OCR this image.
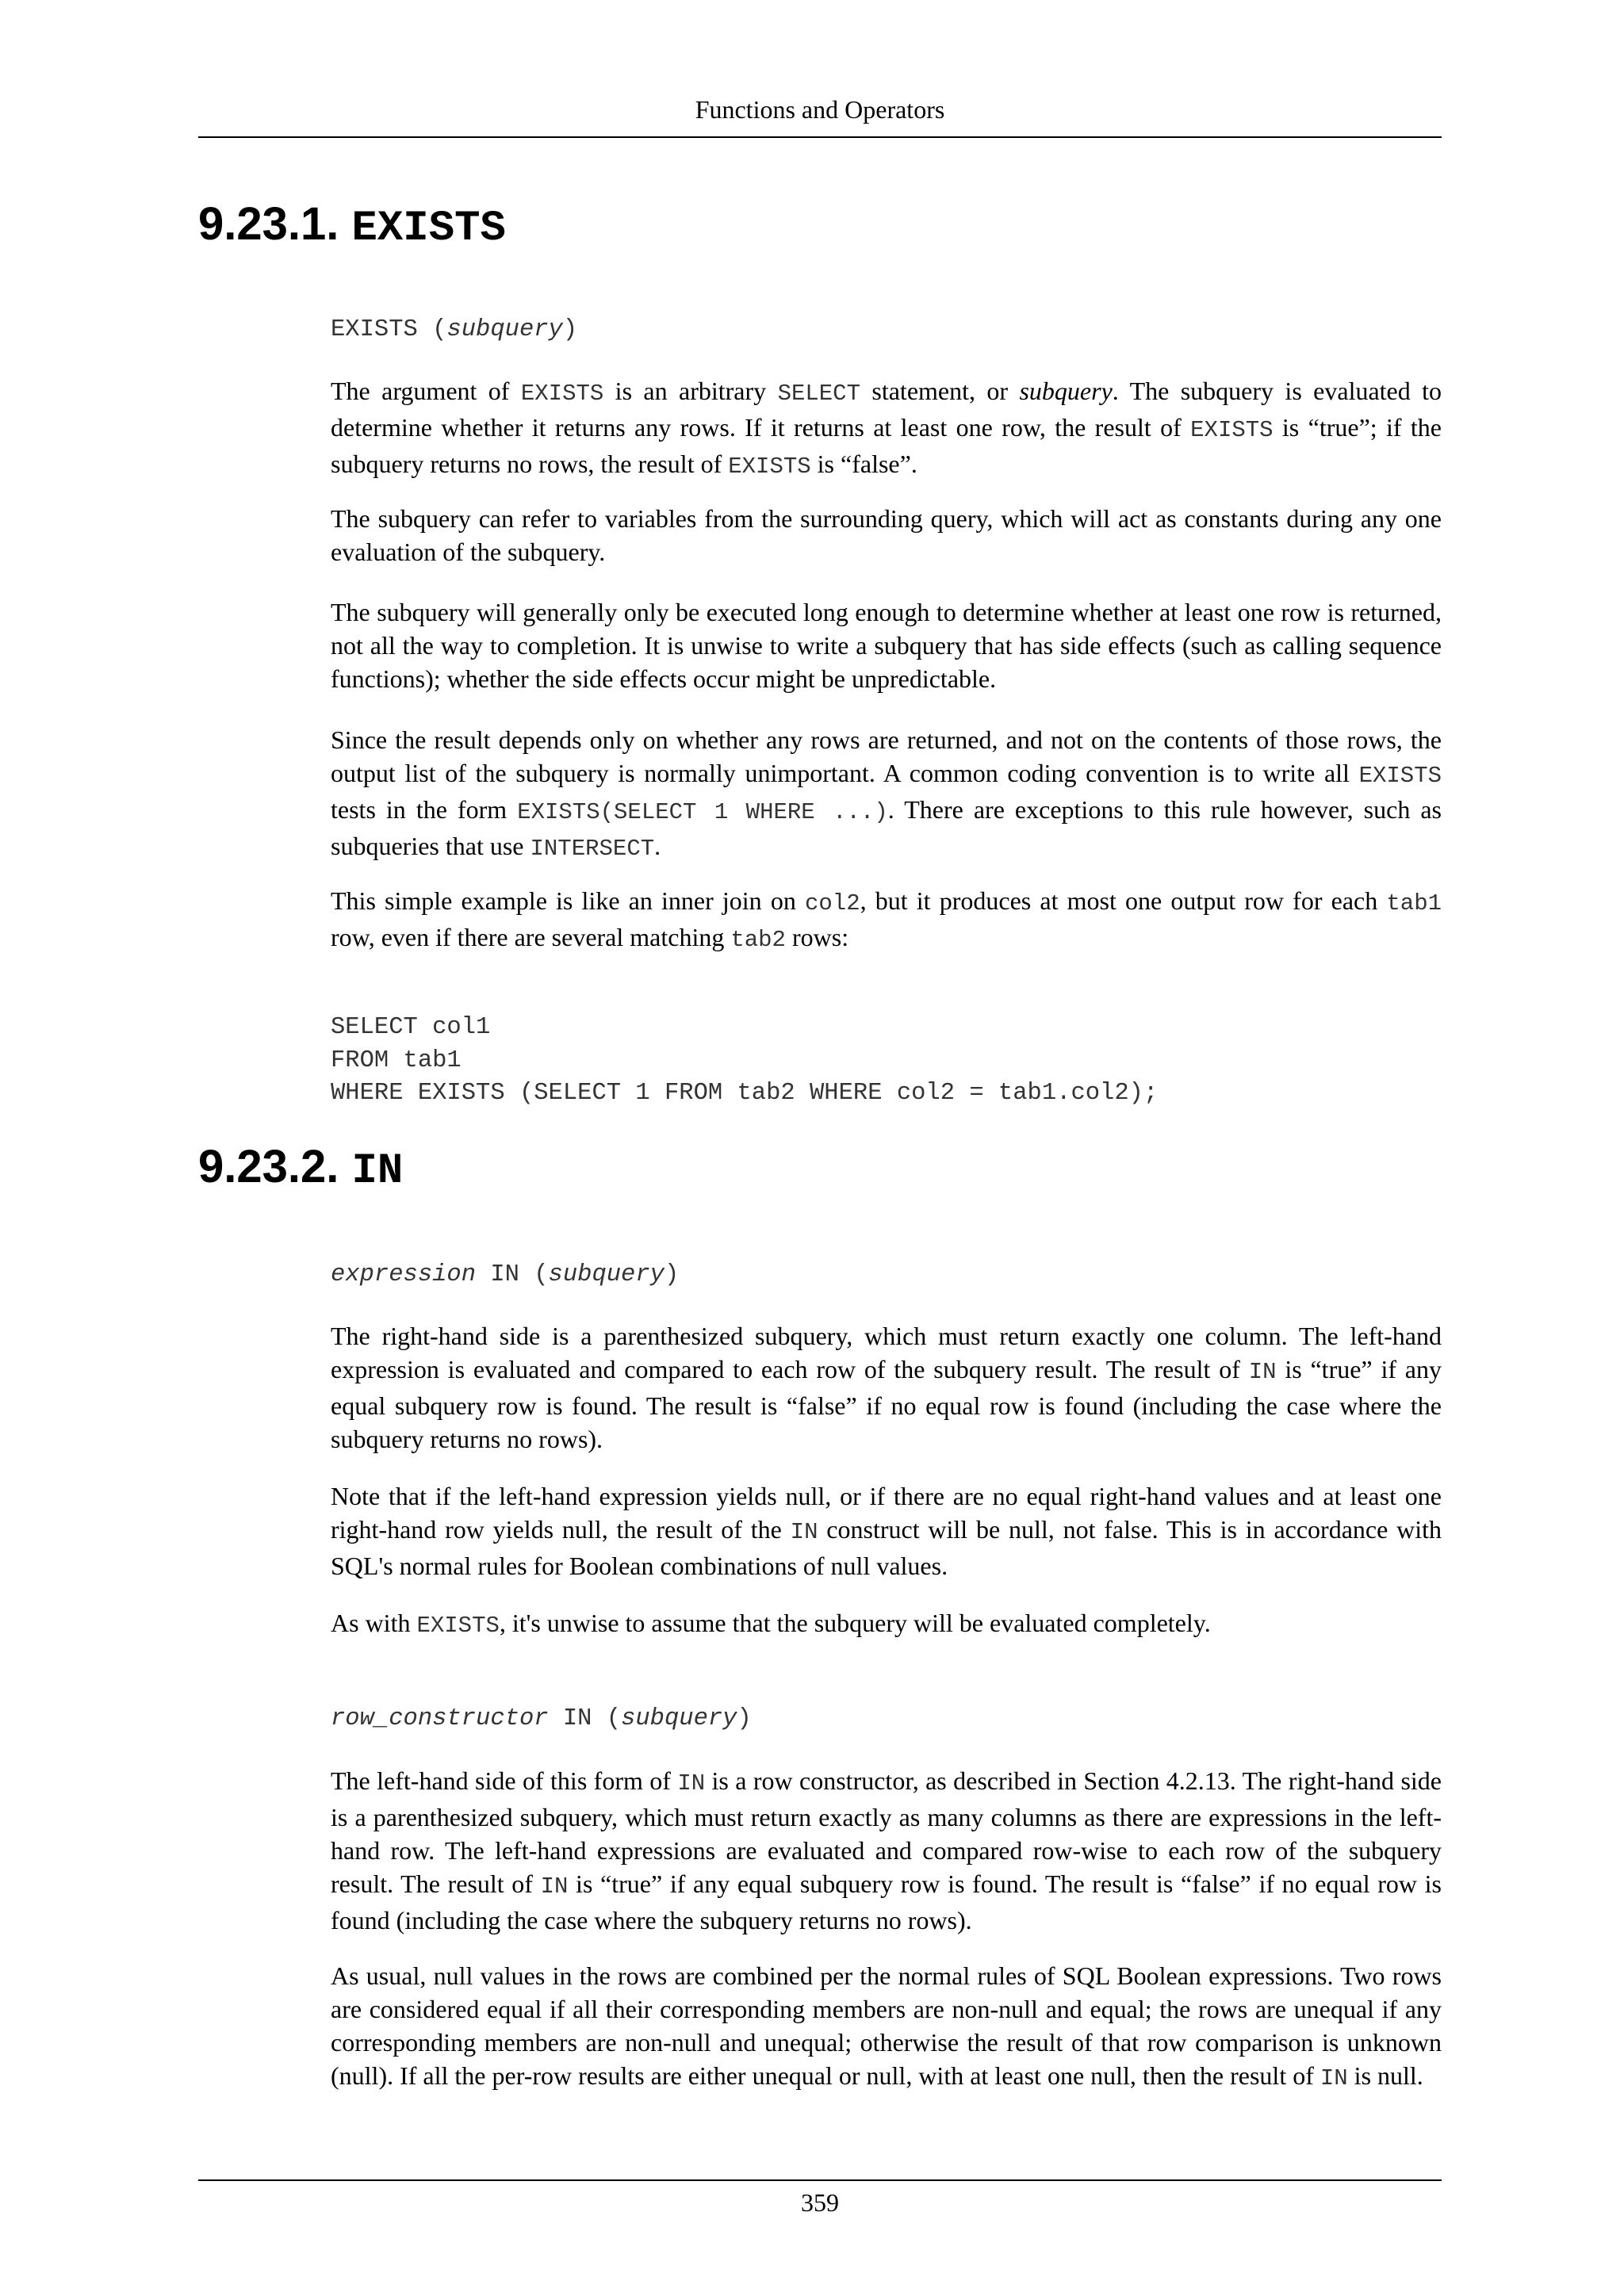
Functions and Operators
9.23.1. EXISTS
EXISTS (subquery)

The argument of EXISTS is an arbitrary SELECT statement, or subquery. The subquery is evaluated to determine whether it returns any rows. If it returns at least one row, the result of EXISTS is “true”; if the subquery returns no rows, the result of EXISTS is “false”.

The subquery can refer to variables from the surrounding query, which will act as constants during any one evaluation of the subquery.

The subquery will generally only be executed long enough to determine whether at least one row is returned, not all the way to completion. It is unwise to write a subquery that has side effects (such as calling sequence functions); whether the side effects occur might be unpredictable.

Since the result depends only on whether any rows are returned, and not on the contents of those rows, the output list of the subquery is normally unimportant. A common coding convention is to write all EXISTS tests in the form EXISTS(SELECT 1 WHERE ...). There are exceptions to this rule however, such as subqueries that use INTERSECT.

This simple example is like an inner join on col2, but it produces at most one output row for each tab1 row, even if there are several matching tab2 rows:

SELECT col1
FROM tab1
WHERE EXISTS (SELECT 1 FROM tab2 WHERE col2 = tab1.col2);
9.23.2. IN
expression IN (subquery)

The right-hand side is a parenthesized subquery, which must return exactly one column. The left-hand expression is evaluated and compared to each row of the subquery result. The result of IN is “true” if any equal subquery row is found. The result is “false” if no equal row is found (including the case where the subquery returns no rows).

Note that if the left-hand expression yields null, or if there are no equal right-hand values and at least one right-hand row yields null, the result of the IN construct will be null, not false. This is in accordance with SQL's normal rules for Boolean combinations of null values.

As with EXISTS, it's unwise to assume that the subquery will be evaluated completely.

row_constructor IN (subquery)

The left-hand side of this form of IN is a row constructor, as described in Section 4.2.13. The right-hand side is a parenthesized subquery, which must return exactly as many columns as there are expressions in the left-hand row. The left-hand expressions are evaluated and compared row-wise to each row of the subquery result. The result of IN is “true” if any equal subquery row is found. The result is “false” if no equal row is found (including the case where the subquery returns no rows).

As usual, null values in the rows are combined per the normal rules of SQL Boolean expressions. Two rows are considered equal if all their corresponding members are non-null and equal; the rows are unequal if any corresponding members are non-null and unequal; otherwise the result of that row comparison is unknown (null). If all the per-row results are either unequal or null, with at least one null, then the result of IN is null.

359
